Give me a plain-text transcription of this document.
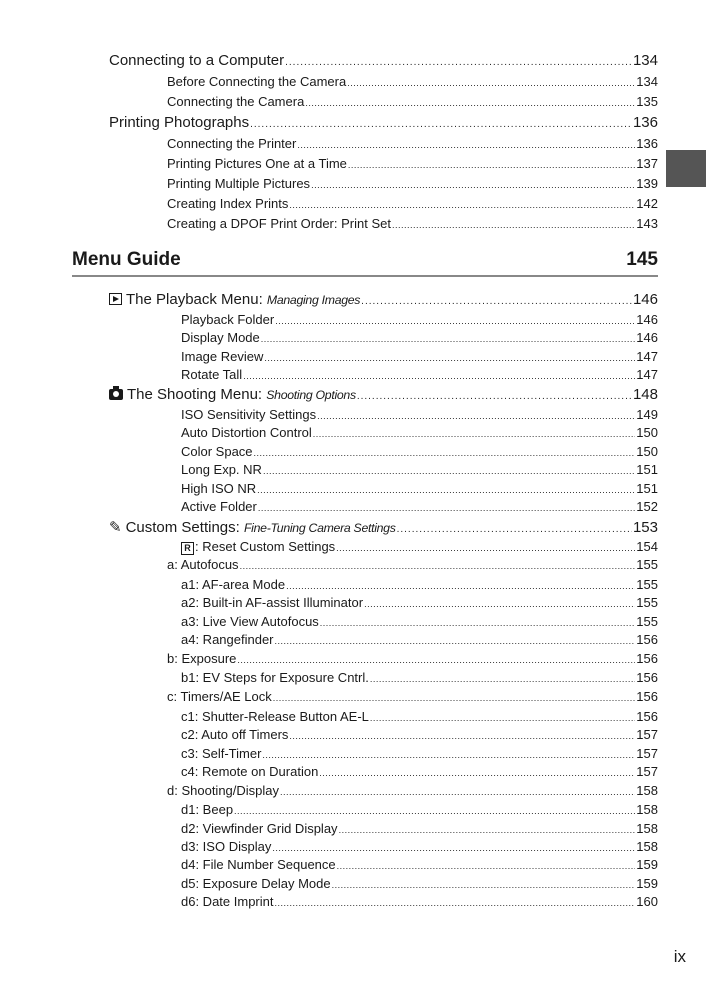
Connecting to a Computer .....	134
Before Connecting the Camera .....	134
Connecting the Camera .....	135
Printing Photographs .....	136
Connecting the Printer .....	136
Printing Pictures One at a Time .....	137
Printing Multiple Pictures .....	139
Creating Index Prints .....	142
Creating a DPOF Print Order: Print Set .....	143
Menu Guide	145
The Playback Menu: Managing Images .....	146
Playback Folder .....	146
Display Mode .....	146
Image Review .....	147
Rotate Tall .....	147
The Shooting Menu: Shooting Options .....	148
ISO Sensitivity Settings .....	149
Auto Distortion Control .....	150
Color Space .....	150
Long Exp. NR .....	151
High ISO NR .....	151
Active Folder .....	152
✎ Custom Settings: Fine-Tuning Camera Settings .....	153
R : Reset Custom Settings .....	154
a: Autofocus .....	155
a1: AF-area Mode .....	155
a2: Built-in AF-assist Illuminator .....	155
a3: Live View Autofocus .....	155
a4: Rangefinder .....	156
b: Exposure .....	156
b1: EV Steps for Exposure Cntrl. .....	156
c: Timers/AE Lock .....	156
c1: Shutter-Release Button AE-L .....	156
c2: Auto off Timers .....	157
c3: Self-Timer .....	157
c4: Remote on Duration .....	157
d: Shooting/Display .....	158
d1: Beep .....	158
d2: Viewfinder Grid Display .....	158
d3: ISO Display .....	158
d4: File Number Sequence .....	159
d5: Exposure Delay Mode .....	159
d6: Date Imprint .....	160
ix
